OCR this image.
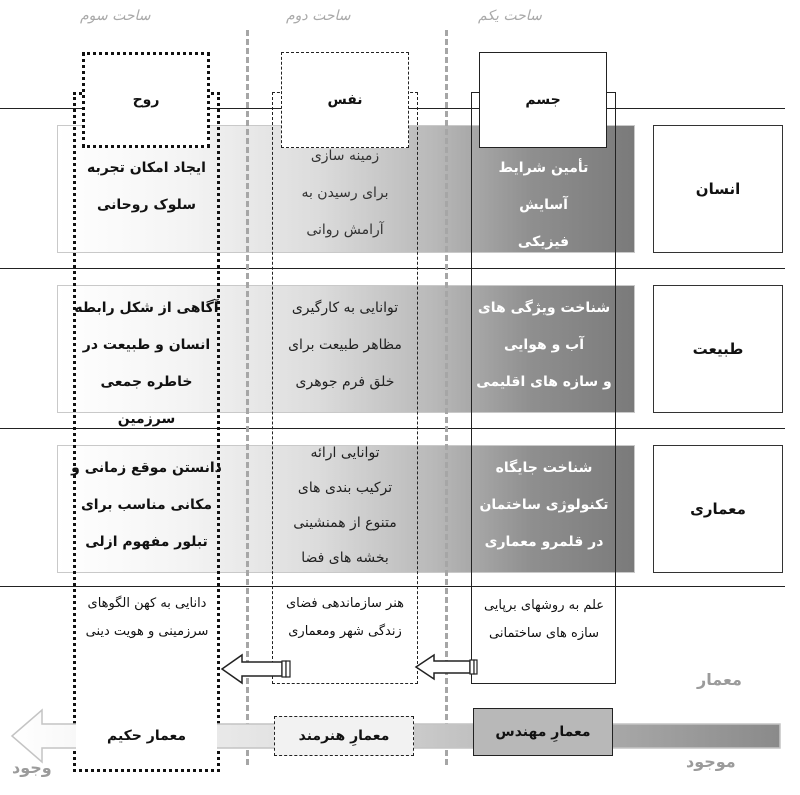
ساحت یکم
ساحت دوم
ساحت سوم
جسم
نفس
روح
انسان
طبیعت
معماری
تأمین شرایط
آسایش
فیزیکی
زمینه سازی
برای رسیدن به
آرامش روانی
ایجاد امکان تجربه
سلوک روحانی
شناخت ویژگی های
آب و هوایی
و سازه های اقلیمی
توانایی به کارگیری
مظاهر طبیعت برای
خلق فرم جوهری
آگاهی از شکل رابطه
انسان و طبیعت در
خاطره جمعی سرزمین
شناخت جایگاه
تکنولوژی ساختمان
در قلمرو معماری
توانایی ارائه
ترکیب بندی های
متنوع از همنشینی
بخشه های فضا
دانستن موقع زمانی و
مکانی مناسب برای
تبلور مفهوم ازلی
علم به روشهای برپایی
سازه های ساختمانی
هنر سازماندهی فضای
زندگی شهر ومعماری
دانایی به کهن الگوهای
سرزمینی و هویت دینی
معمار
معمارِ مهندس
معمارِ هنرمند
معمار حکیم
موجود
وجود
